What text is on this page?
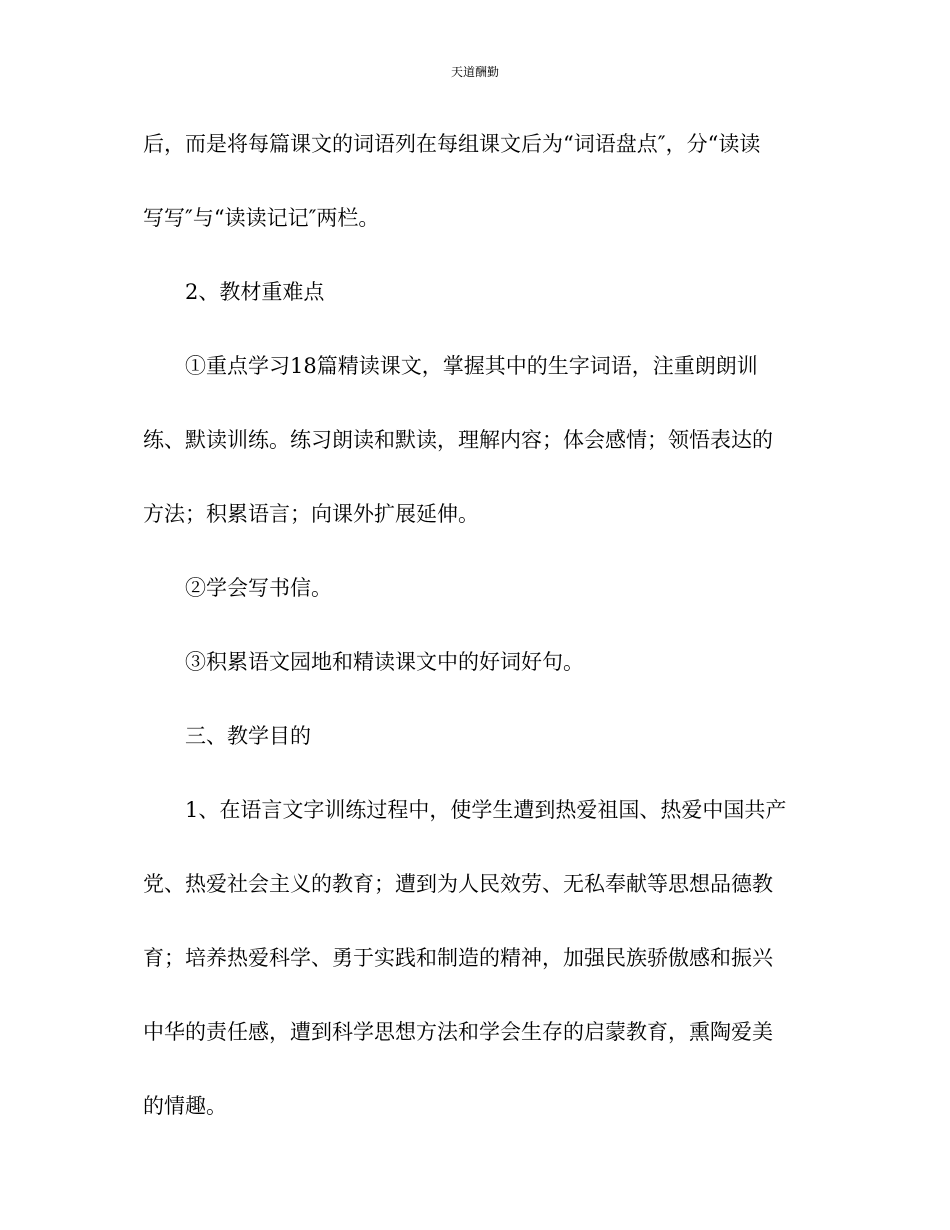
天道酬勤
后，而是将每篇课文的词语列在每组课文后为“词语盘点″，分“读读
写写″与“读读记记″两栏。
2、教材重难点
①重点学习18篇精读课文，掌握其中的生字词语，注重朗朗训
练、默读训练。练习朗读和默读，理解内容；体会感情；领悟表达的
方法；积累语言；向课外扩展延伸。
②学会写书信。
③积累语文园地和精读课文中的好词好句。
三、教学目的
1、在语言文字训练过程中，使学生遭到热爱祖国、热爱中国共产
党、热爱社会主义的教育；遭到为人民效劳、无私奉献等思想品德教
育；培养热爱科学、勇于实践和制造的精神，加强民族骄傲感和振兴
中华的责任感，遭到科学思想方法和学会生存的启蒙教育，熏陶爱美
的情趣。
